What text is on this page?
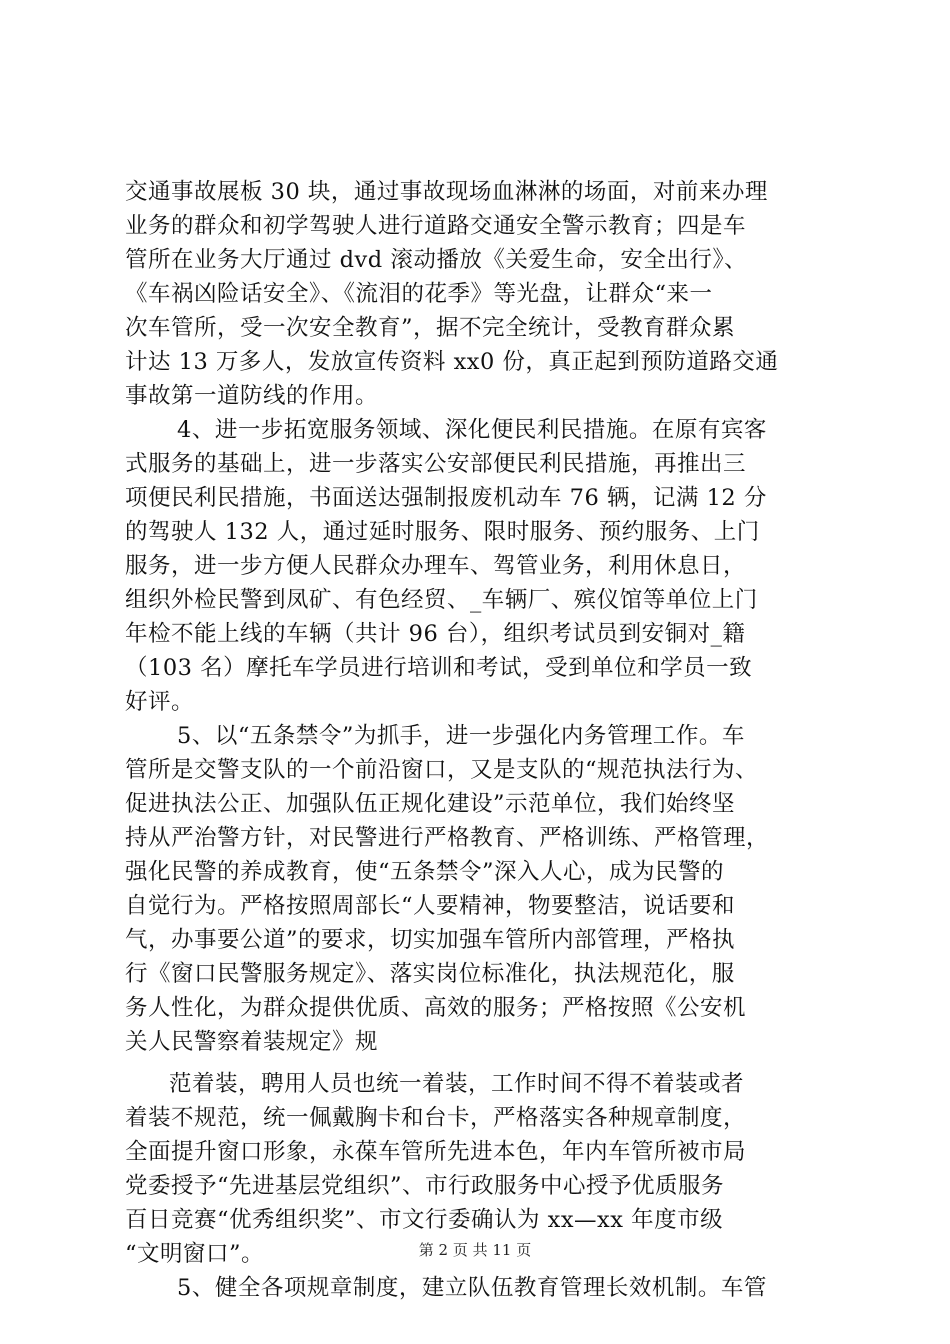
交通事故展板 30 块，通过事故现场血淋淋的场面，对前来办理
业务的群众和初学驾驶人进行道路交通安全警示教育；四是车
管所在业务大厅通过 dvd 滚动播放《关爱生命，安全出行》、
《车祸凶险话安全》、《流泪的花季》等光盘，让群众“来一
次车管所，受一次安全教育”，据不完全统计，受教育群众累
计达 13 万多人，发放宣传资料 xx0 份，真正起到预防道路交通
事故第一道防线的作用。
4、进一步拓宽服务领域、深化便民利民措施。在原有宾客
式服务的基础上，进一步落实公安部便民利民措施，再推出三
项便民利民措施，书面送达强制报废机动车 76 辆，记满 12 分
的驾驶人 132 人，通过延时服务、限时服务、预约服务、上门
服务，进一步方便人民群众办理车、驾管业务，利用休息日，
组织外检民警到凤矿、有色经贸、_车辆厂、殡仪馆等单位上门
年检不能上线的车辆（共计 96 台），组织考试员到安铜对_籍
（103 名）摩托车学员进行培训和考试，受到单位和学员一致
好评。
5、以“五条禁令”为抓手，进一步强化内务管理工作。车
管所是交警支队的一个前沿窗口，又是支队的“规范执法行为、
促进执法公正、加强队伍正规化建设”示范单位，我们始终坚
持从严治警方针，对民警进行严格教育、严格训练、严格管理，
强化民警的养成教育，使“五条禁令”深入人心，成为民警的
自觉行为。严格按照周部长“人要精神，物要整洁，说话要和
气，办事要公道”的要求，切实加强车管所内部管理，严格执
行《窗口民警服务规定》、落实岗位标准化，执法规范化，服
务人性化，为群众提供优质、高效的服务；严格按照《公安机
关人民警察着装规定》规
范着装，聘用人员也统一着装，工作时间不得不着装或者
着装不规范，统一佩戴胸卡和台卡，严格落实各种规章制度，
全面提升窗口形象，永葆车管所先进本色，年内车管所被市局
党委授予“先进基层党组织”、市行政服务中心授予优质服务
百日竞赛“优秀组织奖”、市文行委确认为 xx—xx 年度市级
“文明窗口”。
5、健全各项规章制度，建立队伍教育管理长效机制。车管
第 2 页 共 11 页
